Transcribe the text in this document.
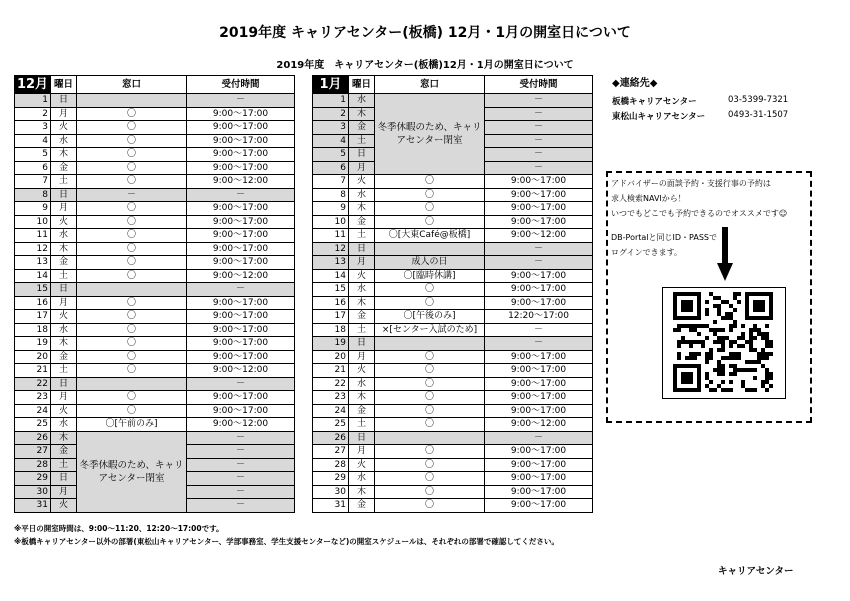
2019年度 キャリアセンター(板橋) 12月・1月の開室日について
2019年度　キャリアセンター(板橋)12月・1月の開室日について
12月	曜日	窓口	受付時間
1	日		－
2	月	〇	9:00～17:00
3	火	〇	9:00～17:00
4	水	〇	9:00～17:00
5	木	〇	9:00～17:00
6	金	〇	9:00～17:00
7	土	〇	9:00～12:00
8	日	－	－
9	月	〇	9:00～17:00
10	火	〇	9:00～17:00
11	水	〇	9:00～17:00
12	木	〇	9:00～17:00
13	金	〇	9:00～17:00
14	土	〇	9:00～12:00
15	日		－
16	月	〇	9:00～17:00
17	火	〇	9:00～17:00
18	水	〇	9:00～17:00
19	木	〇	9:00～17:00
20	金	〇	9:00～17:00
21	土	〇	9:00～12:00
22	日		－
23	月	〇	9:00～17:00
24	火	〇	9:00～17:00
25	水	〇[午前のみ]	9:00～12:00
26	木	冬季休暇のため、キャリアセンター閉室	－
27	金		－
28	土		－
29	日		－
30	月		－
31	火		－
1月	曜日	窓口	受付時間
1	水	冬季休暇のため、キャリアセンター閉室	－
2	木		－
3	金		－
4	土		－
5	日		－
6	月		－
7	火	〇	9:00～17:00
8	水	〇	9:00～17:00
9	木	〇	9:00～17:00
10	金	〇	9:00～17:00
11	土	〇[大東Café@板橋]	9:00～12:00
12	日		－
13	月	成人の日	－
14	火	〇[臨時休講]	9:00～17:00
15	水	〇	9:00～17:00
16	木	〇	9:00～17:00
17	金	〇[午後のみ]	12:20～17:00
18	土	×[センター入試のため]	－
19	日		－
20	月	〇	9:00～17:00
21	火	〇	9:00～17:00
22	水	〇	9:00～17:00
23	木	〇	9:00～17:00
24	金	〇	9:00～17:00
25	土	〇	9:00～12:00
26	日		－
27	月	〇	9:00～17:00
28	火	〇	9:00～17:00
29	水	〇	9:00～17:00
30	木	〇	9:00～17:00
31	金	〇	9:00～17:00
◆連絡先◆
板橋キャリアセンター	03-5399-7321
東松山キャリアセンター	0493-31-1507
アドバイザーの面談予約・支援行事の予約は
求人検索NAVIから！
いつでもどこでも予約できるのでオススメです☺
DB-Portalと同じID・PASSで
ログインできます。
※平日の開室時間は、9:00～11:20、12:20～17:00です。
※板橋キャリアセンター以外の部署(東松山キャリアセンター、学部事務室、学生支援センターなど)の開室スケジュールは、それぞれの部署で確認してください。
キャリアセンター
